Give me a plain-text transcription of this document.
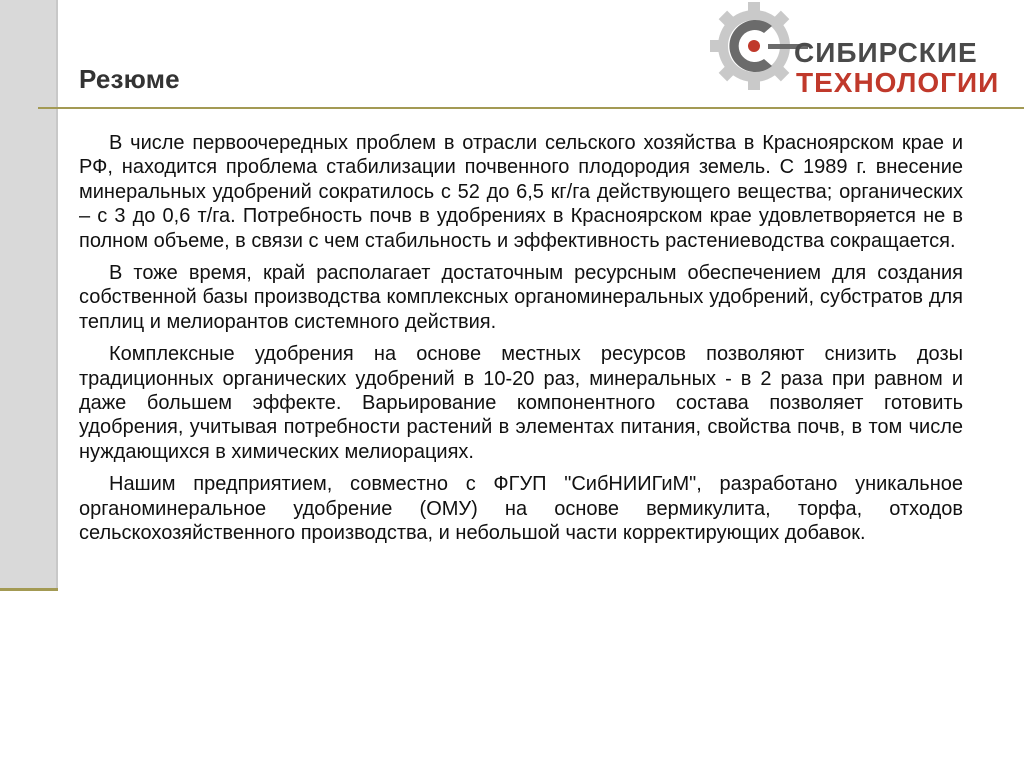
СИБИРСКИЕ
ТЕХНОЛОГИИ
Резюме

В числе первоочередных проблем в отрасли сельского хозяйства в Красноярском крае и РФ, находится проблема стабилизации почвенного плодородия земель. С 1989 г. внесение минеральных удобрений сократилось с 52 до 6,5 кг/га действующего вещества; органических – с 3 до 0,6 т/га. Потребность почв в удобрениях в Красноярском крае удовлетворяется не в полном объеме, в связи с чем стабильность и эффективность растениеводства сокращается.

В тоже время, край располагает достаточным ресурсным обеспечением для создания собственной базы производства комплексных органоминеральных удобрений, субстратов для теплиц и мелиорантов системного действия.

Комплексные удобрения на основе местных ресурсов позволяют снизить дозы традиционных органических удобрений в 10-20 раз, минеральных - в 2 раза при равном и даже большем эффекте. Варьирование компонентного состава позволяет готовить удобрения, учитывая потребности растений в элементах питания, свойства почв, в том числе нуждающихся в химических мелиорациях.

Нашим предприятием, совместно с ФГУП "СибНИИГиМ", разработано уникальное органоминеральное удобрение (ОМУ) на основе вермикулита, торфа, отходов сельскохозяйственного производства, и небольшой части корректирующих добавок.
